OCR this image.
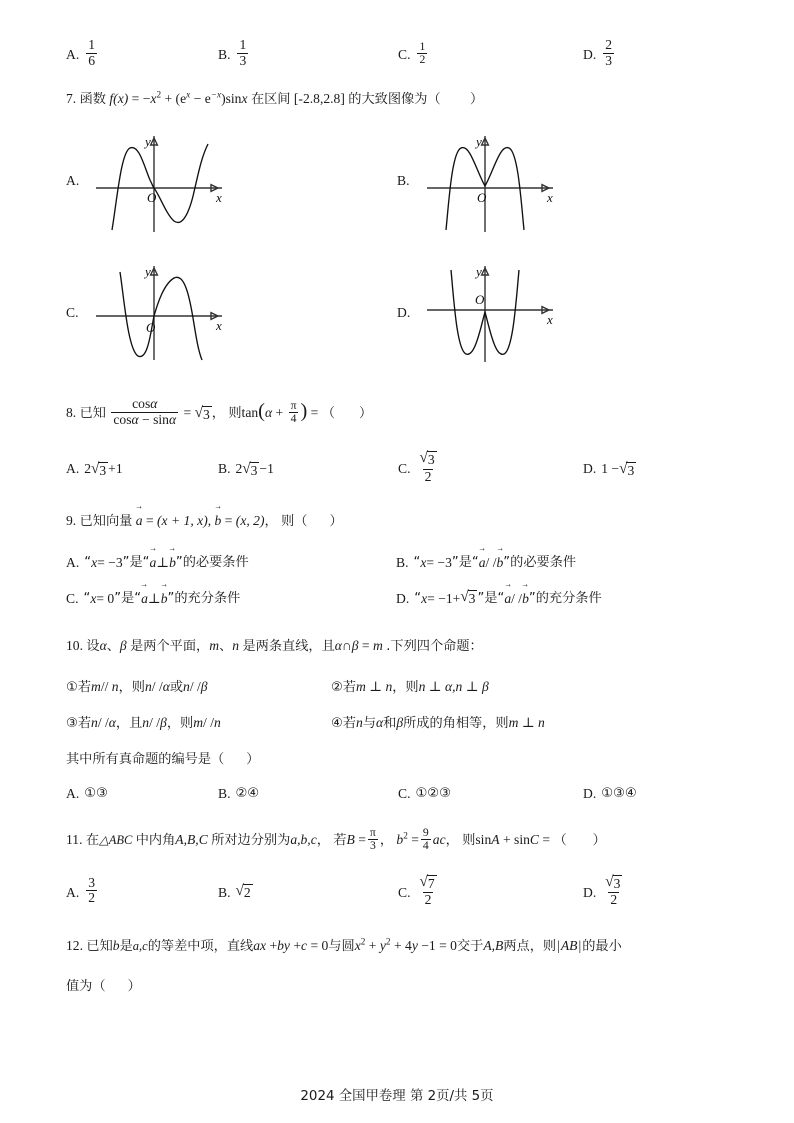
A. $\frac{1}{6}$	B. $\frac{1}{3}$	C. $\frac{1}{2}$	D. $\frac{2}{3}$
7. 函数 $f(x) = -x^2 + (e^x - e^{-x})\sin x$ 在区间 [-2.8,2.8] 的大致图像为（ ）
A.
O	x
y
B.
O	x
y
C.
O	x
y
D.
O
x
y
8. 已知 $\frac{\cos\alpha}{\cos\alpha - \sin\alpha}$ = √ 3 ， 则$\tan(\alpha + \frac{\pi}{4}$ ) = （ ）
A. 2 √ 3 +1	B. 2 √ 3 −1	C. $\frac{√ 3}{2}$	D. 1 − √ 3
9. 已知向量 a → = (x + 1, x), b → = (x, 2)， 则（ ）
A. “ x = −3 ”是“ a → ⊥ b → ” 的必要条件	B. “ x = −3 ”是“ a → / / b → ” 的必要条件
C. “ x = 0 ”是“ a → ⊥ b → ” 的充分条件	D. “ x = −1+ √ 3 ”是“ a → / / b → ” 的充分条件
10. 设α、β 是两个平面，m、n 是两条直线，且α∩β = m .下列四个命题：
①若m// n，则n/ /α或n/ /β	②若m ⊥ n，则n ⊥ α,n ⊥ β
③若n/ /α，且n/ /β，则m/ /n	④若n与α和β所成的角相等，则m ⊥ n
其中所有真命题的编号是（ ）
A. ①③	B. ②④	C. ①②③	D. ①③④
11. 在△ABC 中内角A,B,C 所对边分别为a,b,c， 若$B = \frac{\pi}{3}$ ， $b^2 = \frac{9}{4}$ ac， 则sinA + sinC = （ ）
A. $\frac{3}{2}$	B. √ 2	C. $\frac{√ 7}{2}$	D. $\frac{√ 3}{2}$
12. 已知b是a,c的等差中项，直线ax +by +c = 0与圆$x^2 + y^2 + 4y -1 = 0$交于A,B两点，则|AB|的最小
值为（ ）
2024 全国甲卷理 第 2页/共 5页
